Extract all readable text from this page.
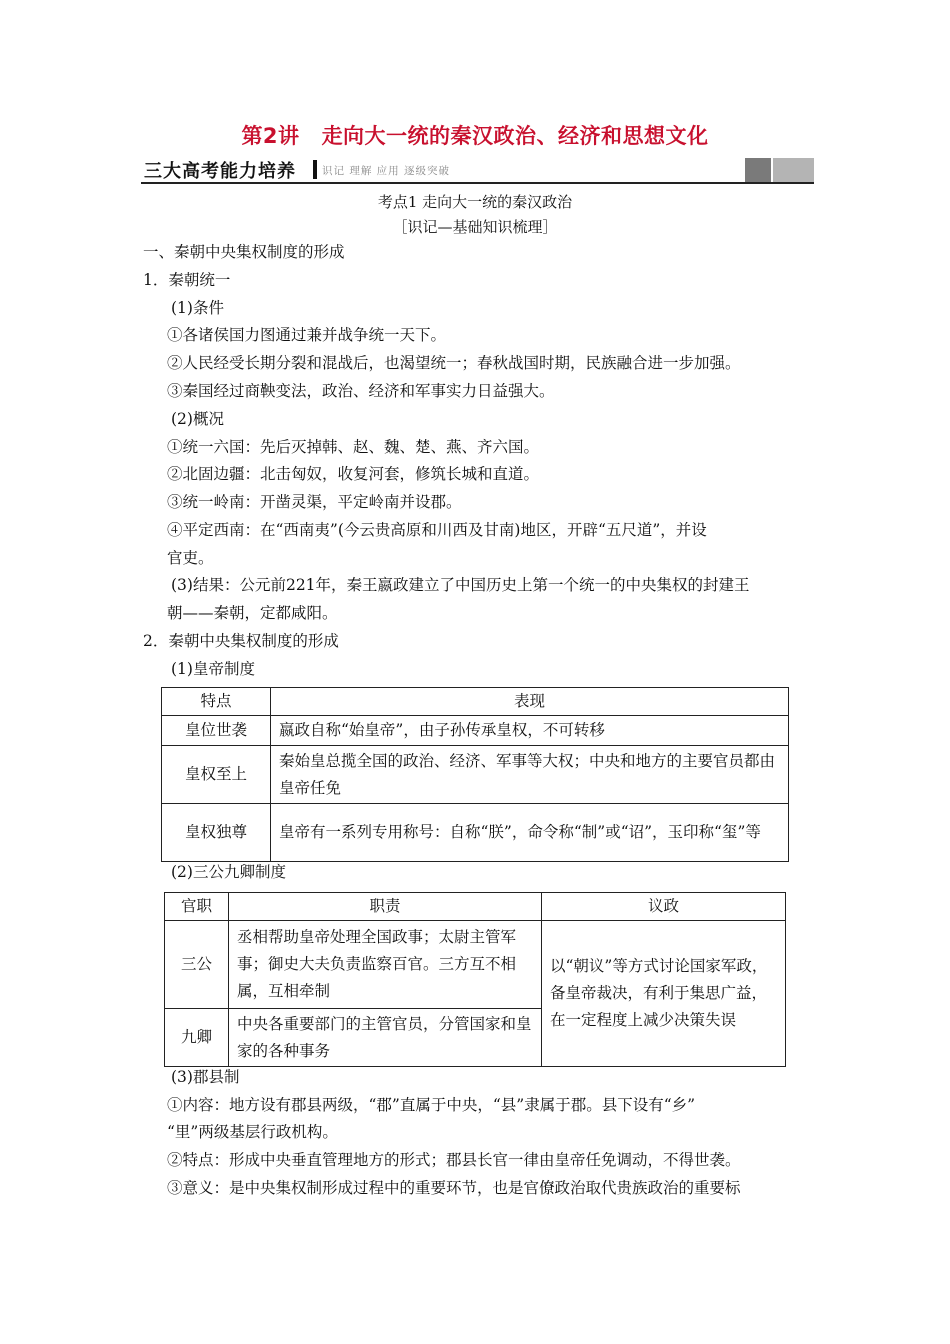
第2讲 走向大一统的秦汉政治、经济和思想文化
三大高考能力培养 识记 理解 应用 逐级突破
考点1 走向大一统的秦汉政治
［识记—基础知识梳理］
一、秦朝中央集权制度的形成
1．秦朝统一
(1)条件
①各诸侯国力图通过兼并战争统一天下。
②人民经受长期分裂和混战后，也渴望统一；春秋战国时期，民族融合进一步加强。
③秦国经过商鞅变法，政治、经济和军事实力日益强大。
(2)概况
①统一六国：先后灭掉韩、赵、魏、楚、燕、齐六国。
②北固边疆：北击匈奴，收复河套，修筑长城和直道。
③统一岭南：开凿灵渠，平定岭南并设郡。
④平定西南：在“西南夷”(今云贵高原和川西及甘南)地区，开辟“五尺道”，并设
官吏。
(3)结果：公元前221年，秦王嬴政建立了中国历史上第一个统一的中央集权的封建王
朝——秦朝，定都咸阳。
2．秦朝中央集权制度的形成
(1)皇帝制度
特点	表现
皇位世袭	嬴政自称“始皇帝”，由子孙传承皇权，不可转移
皇权至上	秦始皇总揽全国的政治、经济、军事等大权；中央和地方的主要官员都由皇帝任免
皇权独尊	皇帝有一系列专用称号：自称“朕”，命令称“制”或“诏”，玉印称“玺”等
(2)三公九卿制度
官职	职责	议政
三公	丞相帮助皇帝处理全国政事；太尉主管军事；御史大夫负责监察百官。三方互不相属，互相牵制	以“朝议”等方式讨论国家军政，备皇帝裁决，有利于集思广益，在一定程度上减少决策失误
九卿	中央各重要部门的主管官员，分管国家和皇家的各种事务	
(3)郡县制
①内容：地方设有郡县两级，“郡”直属于中央，“县”隶属于郡。县下设有“乡”
“里”两级基层行政机构。
②特点：形成中央垂直管理地方的形式；郡县长官一律由皇帝任免调动，不得世袭。
③意义：是中央集权制形成过程中的重要环节，也是官僚政治取代贵族政治的重要标
